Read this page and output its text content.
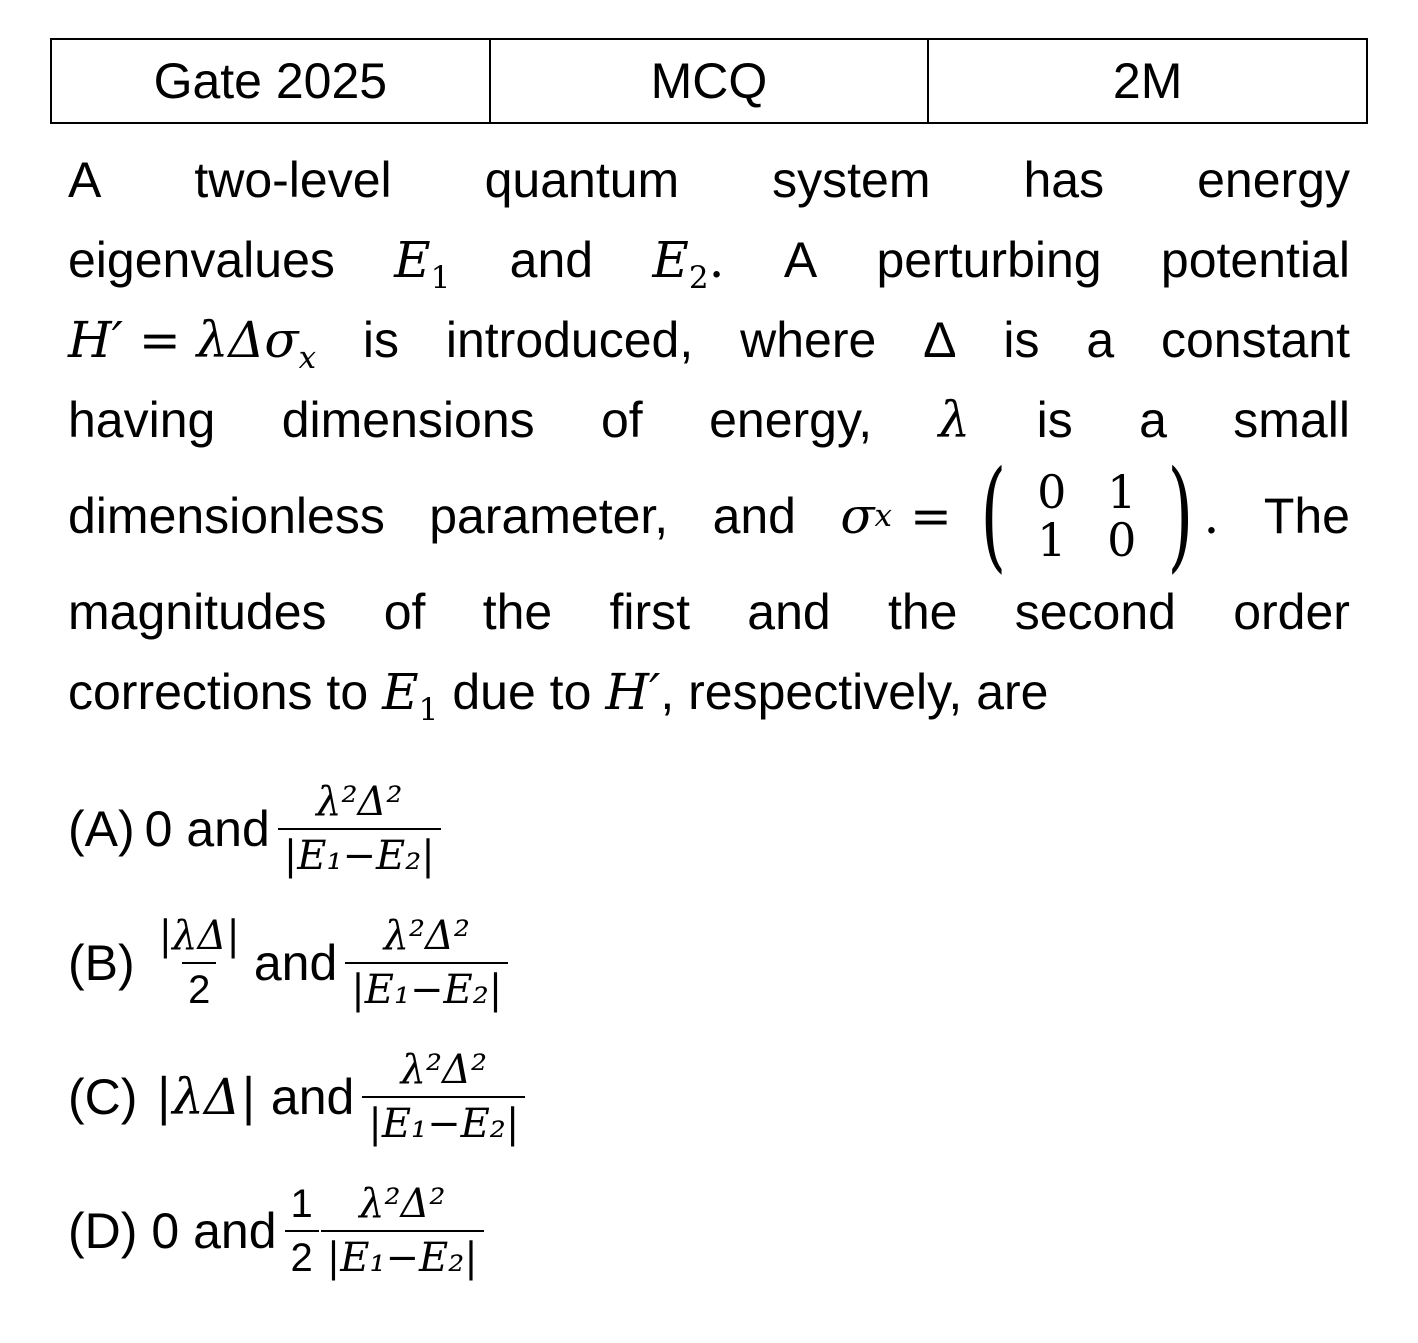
Gate 2025	MCQ	2M
A two-level quantum system has energy
eigenvalues $E_1$ and $E_2$. A perturbing potential
H′ = λΔσ$_x$ is introduced, where Δ is a constant
having dimensions of energy, λ is a small
dimensionless parameter, and σ x = ( 0 1
1 0 ) . The
magnitudes of the first and the second order
corrections to $E_1$ due to H′ , respectively, are
(A) 0 and $\frac{\text{λ²Δ²}}{\text{|E₁−E₂|}}$
$(B) \frac{|\lambda\Delta|}{2}$ and $\frac{\text{λ²Δ²}}{\text{|E₁−E₂|}}$
(C) |λΔ| and $\frac{\text{λ²Δ²}}{\text{|E₁−E₂|}}$
(D) 0 and $\frac{1}{2} \frac{\text{λ²Δ²}}{\text{|E₁−E₂|}}$
